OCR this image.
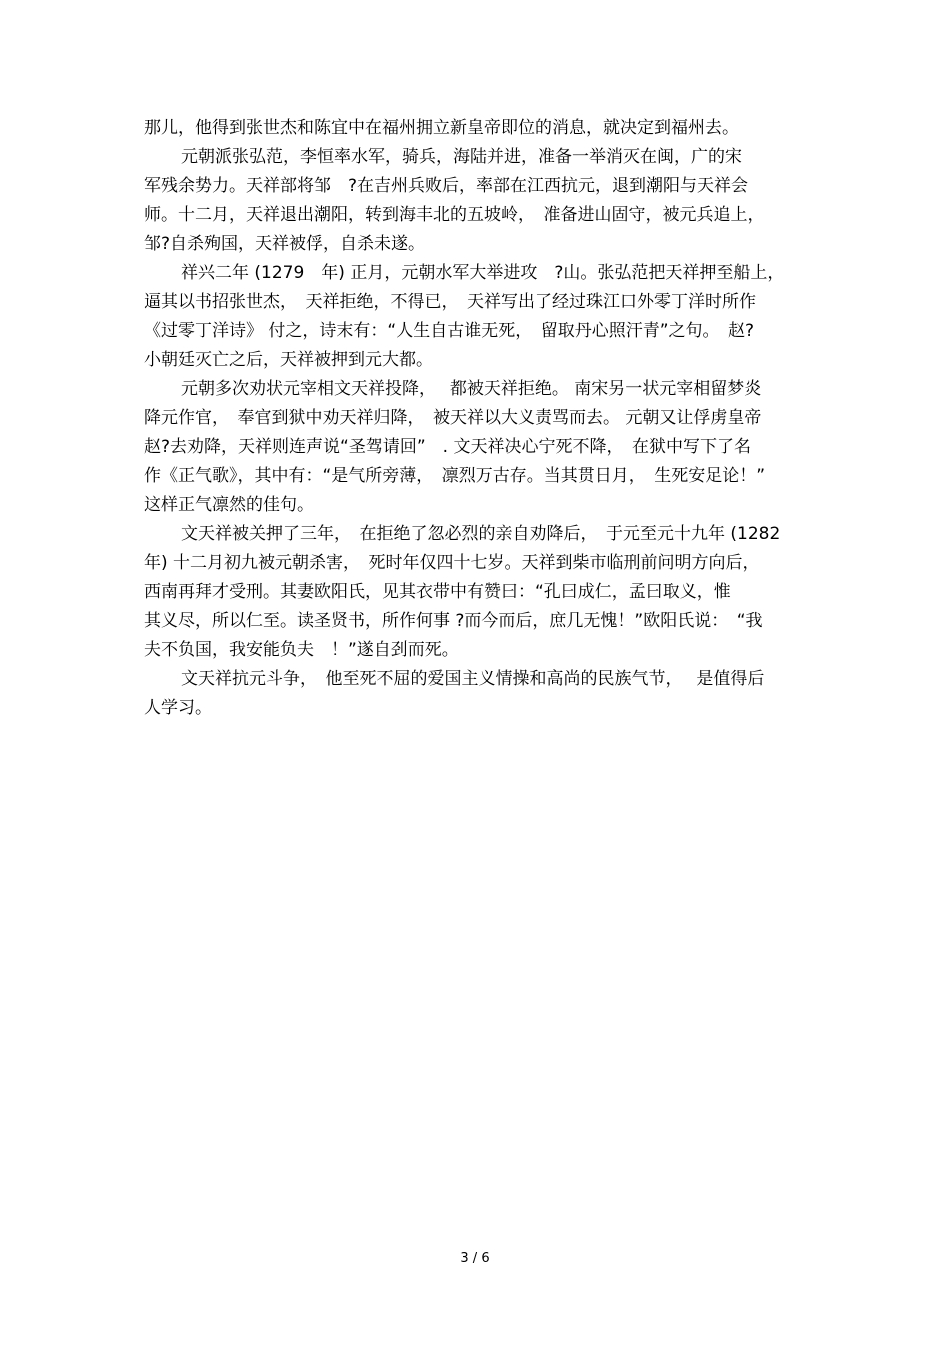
那儿，他得到张世杰和陈宜中在福州拥立新皇帝即位的消息，就决定到福州去。
元朝派张弘范，李恒率水军，骑兵，海陆并进，准备一举消灭在闽，广的宋
军残余势力。天祥部将邹　?在吉州兵败后，率部在江西抗元，退到潮阳与天祥会
师。十二月，天祥退出潮阳，转到海丰北的五坡岭，　准备进山固守，被元兵追上，
邹?自杀殉国，天祥被俘，自杀未遂。
祥兴二年 (1279　年) 正月，元朝水军大举进攻　?山。张弘范把天祥押至船上，
逼其以书招张世杰，　天祥拒绝，不得已，　天祥写出了经过珠江口外零丁洋时所作
《过零丁洋诗》 付之，诗末有：“人生自古谁无死，　留取丹心照汗青”之句。　赵?
小朝廷灭亡之后，天祥被押到元大都。
元朝多次劝状元宰相文天祥投降，　 都被天祥拒绝。 南宋另一状元宰相留梦炎
降元作官，　奉官到狱中劝天祥归降，　被天祥以大义责骂而去。 元朝又让俘虏皇帝
赵?去劝降，天祥则连声说“圣驾请回”　. 文天祥决心宁死不降，　在狱中写下了名
作《正气歌》，其中有：“是气所旁薄，　凛烈万古存。当其贯日月，　生死安足论！”
这样正气凛然的佳句。
文天祥被关押了三年，　在拒绝了忽必烈的亲自劝降后，　于元至元十九年 (1282
年) 十二月初九被元朝杀害，　死时年仅四十七岁。天祥到柴市临刑前问明方向后，
西南再拜才受刑。其妻欧阳氏，见其衣带中有赞曰：“孔曰成仁，孟曰取义，惟
其义尽，所以仁至。读圣贤书，所作何事 ?而今而后，庶几无愧！”欧阳氏说：　“我
夫不负国，我安能负夫　！”遂自刭而死。
文天祥抗元斗争，　他至死不屈的爱国主义情操和高尚的民族气节，　 是值得后
人学习。
3 / 6
